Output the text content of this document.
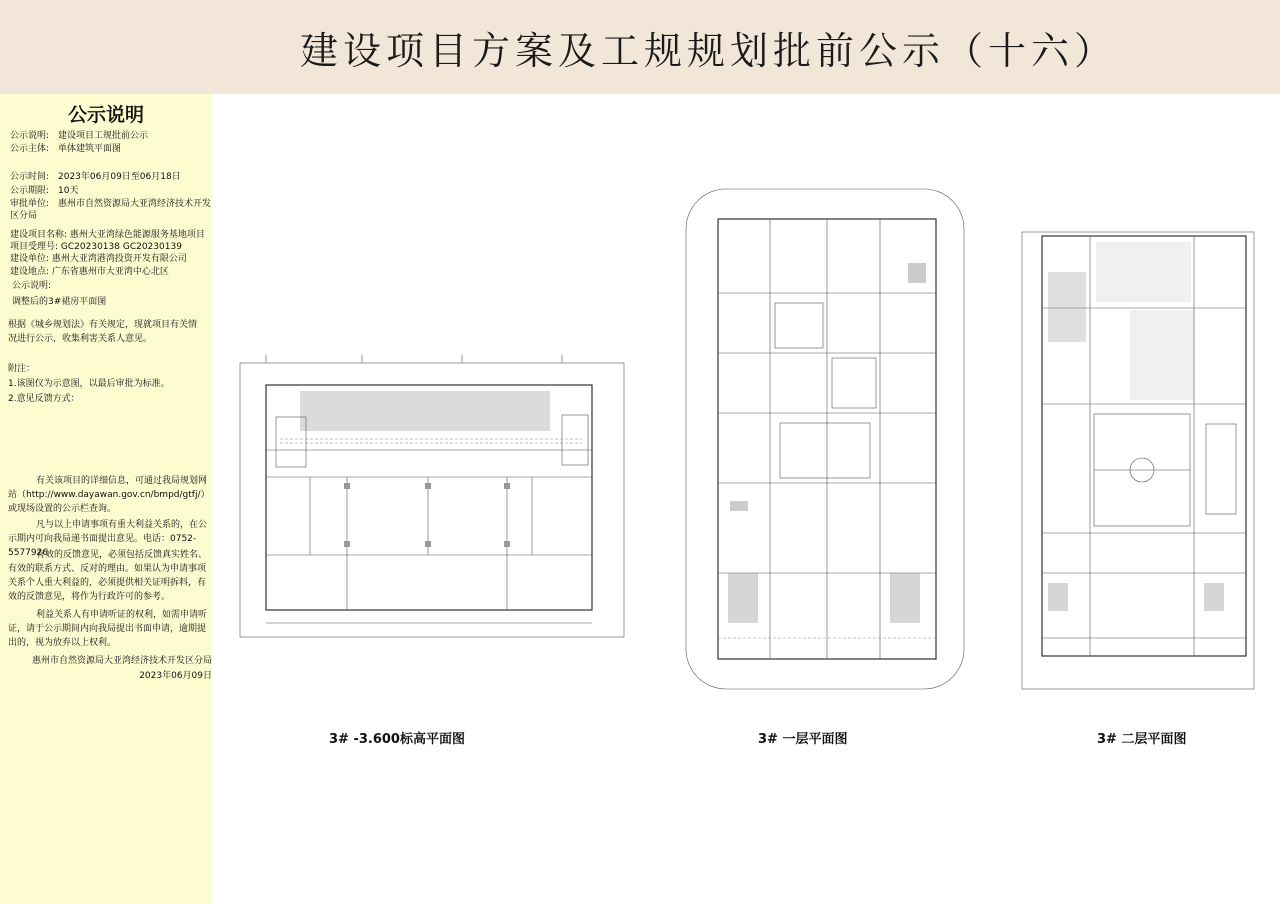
建设项目方案及工规规划批前公示（十六）
公示说明
公示说明: 建设项目工规批前公示
公示主体: 单体建筑平面图
公示时间: 2023年06月09日至06月18日
公示期限: 10天
审批单位: 惠州市自然资源局大亚湾经济技术开发
区分局
建设项目名称: 惠州大亚湾绿色能源服务基地项目
项目受理号: GC20230138 GC20230139
建设单位: 惠州大亚湾港湾投资开发有限公司
建设地点: 广东省惠州市大亚湾中心北区
公示说明:
调整后的3#裙房平面图
根据《城乡规划法》有关规定，现就项目有关情况进行公示，收集利害关系人意见。
附注：
1.该图仅为示意图，以最后审批为标准。
2.意见反馈方式：
有关该项目的详细信息，可通过我局规划网站（http://www.dayawan.gov.cn/bmpd/gtfj/）或现场设置的公示栏查询。
凡与以上申请事项有重大利益关系的，在公示期内可向我局递书面提出意见。电话：0752-5577926
有效的反馈意见，必须包括反馈真实姓名、有效的联系方式、反对的理由。如果认为申请事项关系个人重大利益的，必须提供相关证明拆料，有效的反馈意见，将作为行政许可的参考。
利益关系人有申请听证的权利，如需申请听证，请于公示期间内向我局提出书面申请，逾期提出的，视为放弃以上权利。
惠州市自然资源局大亚湾经济技术开发区分局
2023年06月09日
3# -3.600标高平面图	3# 一层平面图	3# 二层平面图
